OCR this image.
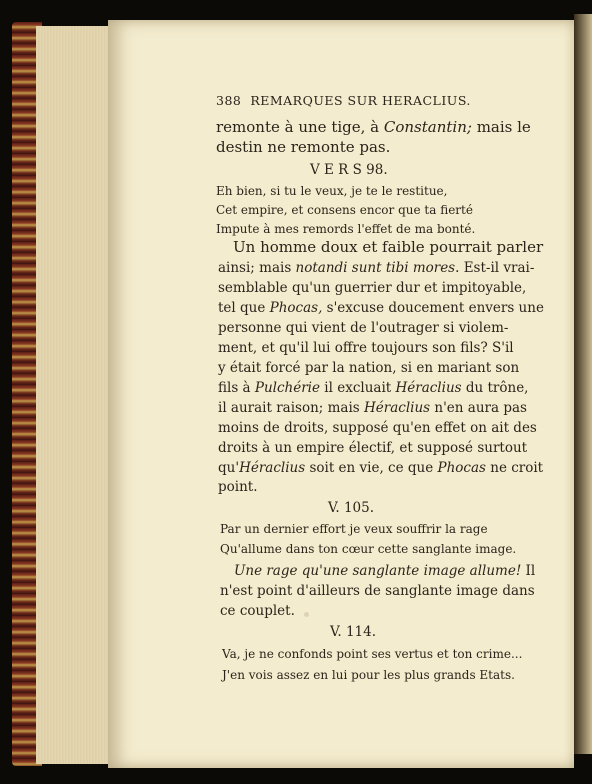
388 REMARQUES SUR HERACLIUS.
remonte à une tige, à Constantin; mais le
destin ne remonte pas.
V E R S 98.
Eh bien, si tu le veux, je te le restitue,
Cet empire, et consens encor que ta fierté
Impute à mes remords l'effet de ma bonté.
Un homme doux et faible pourrait parler
ainsi; mais notandi sunt tibi mores. Est-il vrai-
semblable qu'un guerrier dur et impitoyable,
tel que Phocas, s'excuse doucement envers une
personne qui vient de l'outrager si violem-
ment, et qu'il lui offre toujours son fils? S'il
y était forcé par la nation, si en mariant son
fils à Pulchérie il excluait Héraclius du trône,
il aurait raison; mais Héraclius n'en aura pas
moins de droits, supposé qu'en effet on ait des
droits à un empire électif, et supposé surtout
qu'Héraclius soit en vie, ce que Phocas ne croit
point.
V. 105.
Par un dernier effort je veux souffrir la rage
Qu'allume dans ton cœur cette sanglante image.
Une rage qu'une sanglante image allume! Il
n'est point d'ailleurs de sanglante image dans
ce couplet.
V. 114.
Va, je ne confonds point ses vertus et ton crime...
J'en vois assez en lui pour les plus grands Etats.
